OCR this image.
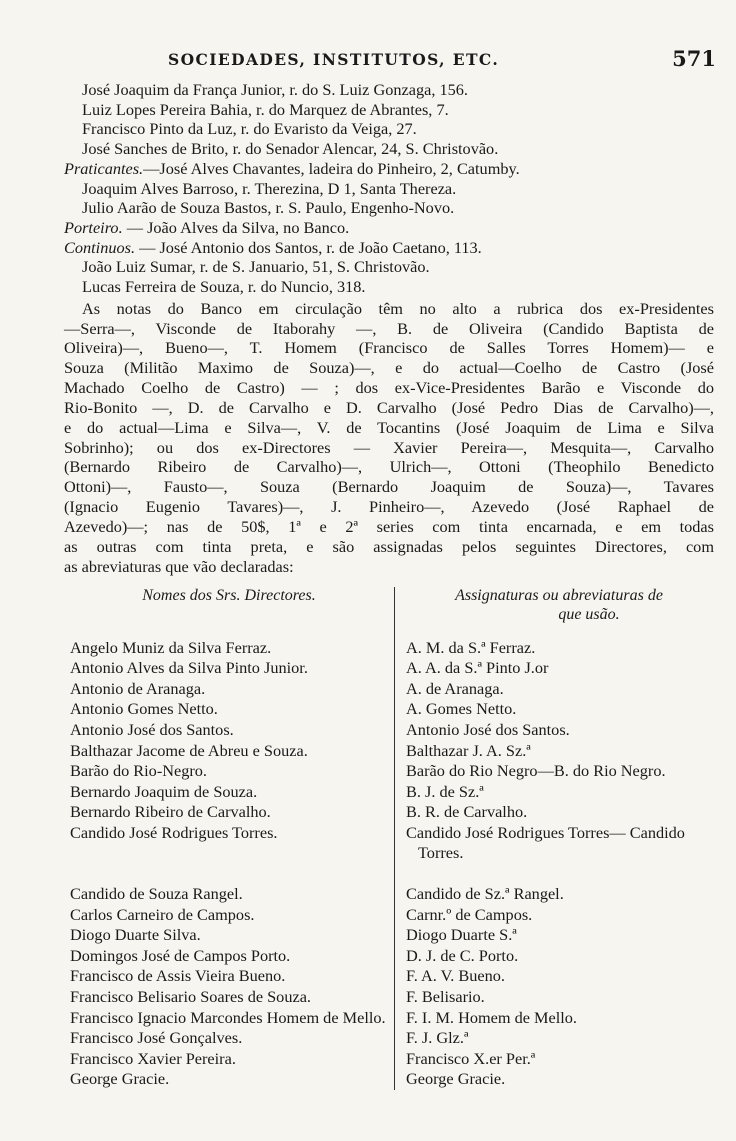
SOCIEDADES, INSTITUTOS, ETC.	571
José Joaquim da França Junior, r. do S. Luiz Gonzaga, 156.
Luiz Lopes Pereira Bahia, r. do Marquez de Abrantes, 7.
Francisco Pinto da Luz, r. do Evaristo da Veiga, 27.
José Sanches de Brito, r. do Senador Alencar, 24, S. Christovão.
Praticantes.—José Alves Chavantes, ladeira do Pinheiro, 2, Catumby.
Joaquim Alves Barroso, r. Therezina, D 1, Santa Thereza.
Julio Aarão de Souza Bastos, r. S. Paulo, Engenho-Novo.
Porteiro. — João Alves da Silva, no Banco.
Continuos. — José Antonio dos Santos, r. de João Caetano, 113.
João Luiz Sumar, r. de S. Januario, 51, S. Christovão.
Lucas Ferreira de Souza, r. do Nuncio, 318.

As notas do Banco em circulação têm no alto a rubrica dos ex-Presidentes

—Serra—, Visconde de Itaborahy —, B. de Oliveira (Candido Baptista de

Oliveira)—, Bueno—, T. Homem (Francisco de Salles Torres Homem)— e

Souza (Militão Maximo de Souza)—, e do actual—Coelho de Castro (José

Machado Coelho de Castro) — ; dos ex-Vice-Presidentes Barão e Visconde do

Rio-Bonito —, D. de Carvalho e D. Carvalho (José Pedro Dias de Carvalho)—,

e do actual—Lima e Silva—, V. de Tocantins (José Joaquim de Lima e Silva

Sobrinho); ou dos ex-Directores — Xavier Pereira—, Mesquita—, Carvalho

(Bernardo Ribeiro de Carvalho)—, Ulrich—, Ottoni (Theophilo Benedicto

Ottoni)—, Fausto—, Souza (Bernardo Joaquim de Souza)—, Tavares

(Ignacio Eugenio Tavares)—, J. Pinheiro—, Azevedo (José Raphael de

Azevedo)—; nas de 50$, 1ª e 2ª series com tinta encarnada, e em todas

as outras com tinta preta, e são assignadas pelos seguintes Directores, com

as abreviaturas que vão declaradas:

Nomes dos Srs. Directores.	Assignaturas ou abreviaturas de
que usão.
Angelo Muniz da Silva Ferraz.	A. M. da S.ª Ferraz.
Antonio Alves da Silva Pinto Junior.	A. A. da S.ª Pinto J.or
Antonio de Aranaga.	A. de Aranaga.
Antonio Gomes Netto.	A. Gomes Netto.
Antonio José dos Santos.	Antonio José dos Santos.
Balthazar Jacome de Abreu e Souza.	Balthazar J. A. Sz.ª
Barão do Rio-Negro.	Barão do Rio Negro—B. do Rio Negro.
Bernardo Joaquim de Souza.	B. J. de Sz.ª
Bernardo Ribeiro de Carvalho.	B. R. de Carvalho.
Candido José Rodrigues Torres.	Candido José Rodrigues Torres— Candido Torres.
Candido de Souza Rangel.	Candido de Sz.ª Rangel.
Carlos Carneiro de Campos.	Carnr.º de Campos.
Diogo Duarte Silva.	Diogo Duarte S.ª
Domingos José de Campos Porto.	D. J. de C. Porto.
Francisco de Assis Vieira Bueno.	F. A. V. Bueno.
Francisco Belisario Soares de Souza.	F. Belisario.
Francisco Ignacio Marcondes Homem de Mello.	F. I. M. Homem de Mello.
Francisco José Gonçalves.	F. J. Glz.ª
Francisco Xavier Pereira.	Francisco X.er Per.ª
George Gracie.	George Gracie.
